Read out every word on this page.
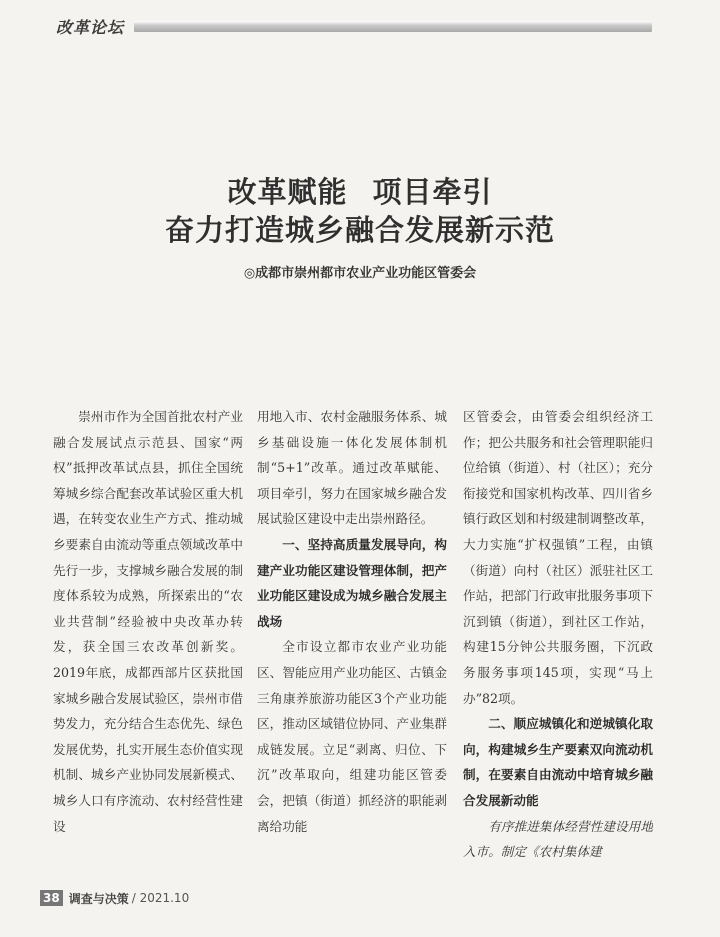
改革论坛
改革赋能 项目牵引
奋力打造城乡融合发展新示范
◎成都市崇州都市农业产业功能区管委会

崇州市作为全国首批农村产业融合发展试点示范县、国家“两权”抵押改革试点县，抓住全国统筹城乡综合配套改革试验区重大机遇，在转变农业生产方式、推动城乡要素自由流动等重点领域改革中先行一步，支撑城乡融合发展的制度体系较为成熟，所探索出的“农业共营制”经验被中央改革办转发，获全国三农改革创新奖。2019年底，成都西部片区获批国家城乡融合发展试验区，崇州市借势发力，充分结合生态优先、绿色发展优势，扎实开展生态价值实现机制、城乡产业协同发展新模式、城乡人口有序流动、农村经营性建设

用地入市、农村金融服务体系、城乡基础设施一体化发展体制机制“5+1”改革。通过改革赋能、项目牵引，努力在国家城乡融合发展试验区建设中走出崇州路径。

一、坚持高质量发展导向，构建产业功能区建设管理体制，把产业功能区建设成为城乡融合发展主战场

全市设立都市农业产业功能区、智能应用产业功能区、古镇金三角康养旅游功能区3个产业功能区，推动区域错位协同、产业集群成链发展。立足“剥离、归位、下沉”改革取向，组建功能区管委会，把镇（街道）抓经济的职能剥离给功能

区管委会，由管委会组织经济工作；把公共服务和社会管理职能归位给镇（街道）、村（社区）；充分衔接党和国家机构改革、四川省乡镇行政区划和村级建制调整改革，大力实施“扩权强镇”工程，由镇（街道）向村（社区）派驻社区工作站，把部门行政审批服务事项下沉到镇（街道），到社区工作站，构建15分钟公共服务圈，下沉政务服务事项145项，实现“马上办”82项。

二、顺应城镇化和逆城镇化取向，构建城乡生产要素双向流动机制，在要素自由流动中培育城乡融合发展新动能

有序推进集体经营性建设用地入市。制定《农村集体建

38 调查与决策 / 2021.10
